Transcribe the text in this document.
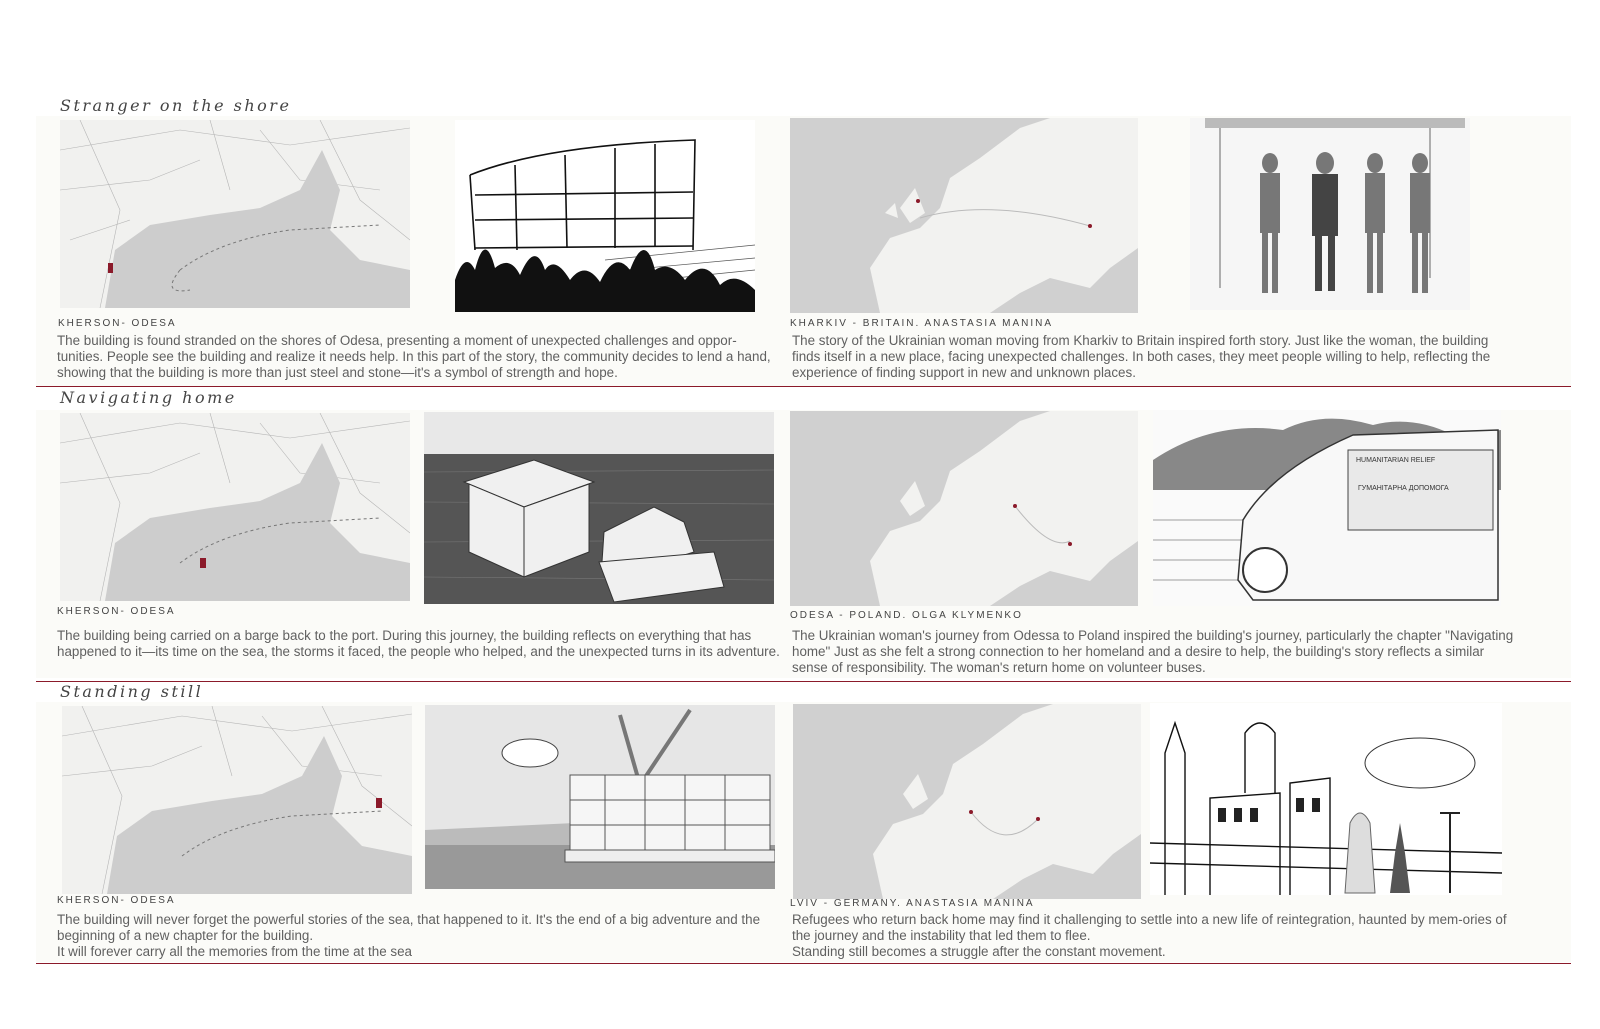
Stranger on the shore
KHERSON- ODESA
The building is found stranded on the shores of Odesa, presenting a moment of unexpected challenges and oppor-tunities. People see the building and realize it needs help. In this part of the story, the community decides to lend a hand, showing that the building is more than just steel and stone—it's a symbol of strength and hope.
KHARKIV - BRITAIN. ANASTASIA MANINA
The story of the Ukrainian woman moving from Kharkiv to Britain inspired forth story. Just like the woman, the building finds itself in a new place, facing unexpected challenges. In both cases, they meet people willing to help, reflecting the experience of finding support in new and unknown places.
Navigating home
HUMANITARIAN RELIEF
ГУМАНІТАРНА ДОПОМОГА
KHERSON- ODESA
The building being carried on a barge back to the port. During this journey, the building reflects on everything that has happened to it—its time on the sea, the storms it faced, the people who helped, and the unexpected turns in its adventure.
ODESA - POLAND. OLGA KLYMENKO
The Ukrainian woman's journey from Odessa to Poland inspired the building's journey, particularly the chapter "Navigating home" Just as she felt a strong connection to her homeland and a desire to help, the building's story reflects a similar sense of responsibility. The woman's return home on volunteer buses.
Standing still
KHERSON- ODESA
The building will never forget the powerful stories of the sea, that happened to it. It's the end of a big adventure and the beginning of a new chapter for the building.
It will forever carry all the memories from the time at the sea
LVIV - GERMANY. ANASTASIA MANINA
Refugees who return back home may find it challenging to settle into a new life of reintegration, haunted by mem-ories of the journey and the instability that led them to flee.
Standing still becomes a struggle after the constant movement.
